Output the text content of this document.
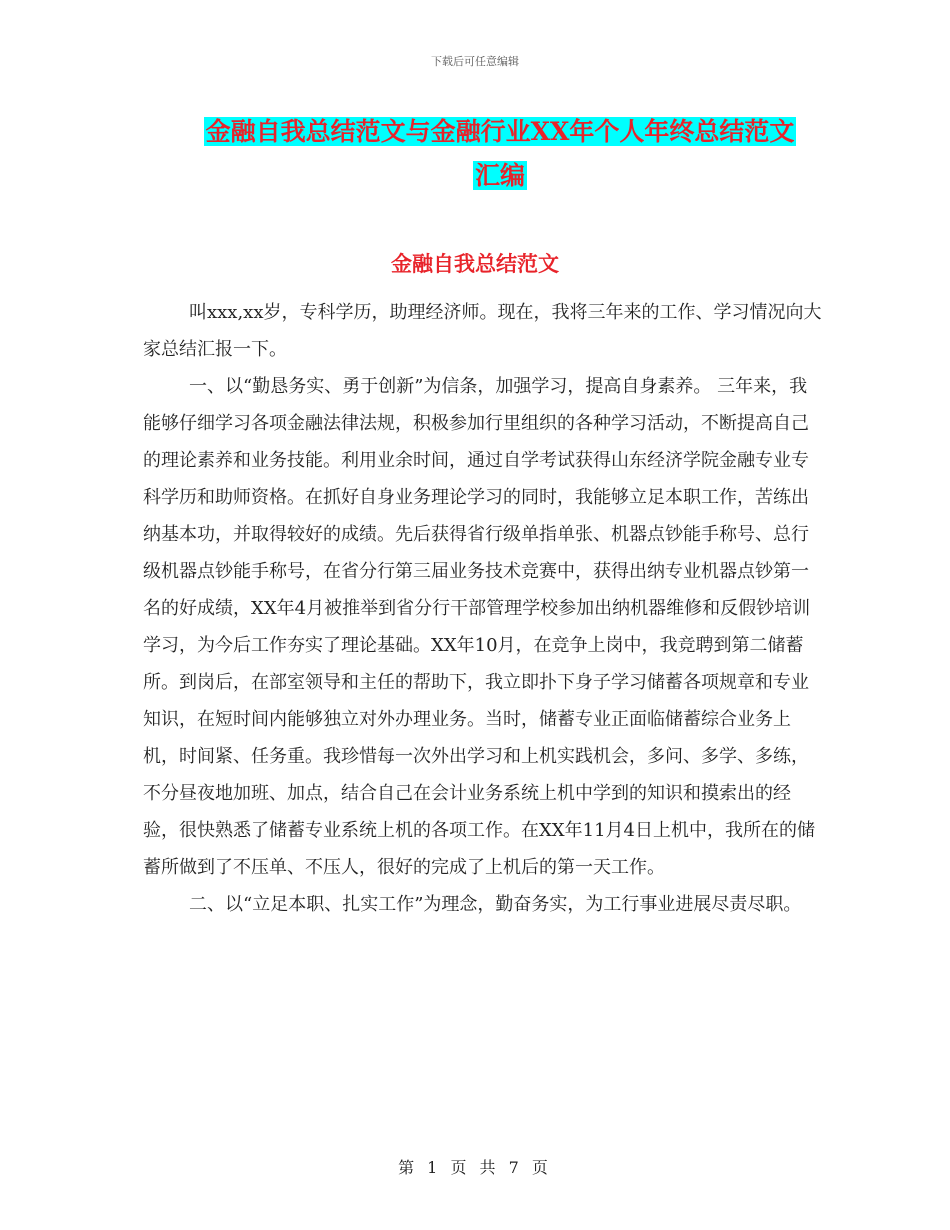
下载后可任意编辑
金融自我总结范文与金融行业XX年个人年终总结范文
汇编
金融自我总结范文

叫xxx,xx岁，专科学历，助理经济师。现在，我将三年来的工作、学习情况向大家总结汇报一下。

一、以“勤恳务实、勇于创新”为信条，加强学习，提高自身素养。 三年来，我能够仔细学习各项金融法律法规，积极参加行里组织的各种学习活动，不断提高自己的理论素养和业务技能。利用业余时间，通过自学考试获得山东经济学院金融专业专科学历和助师资格。在抓好自身业务理论学习的同时，我能够立足本职工作，苦练出纳基本功，并取得较好的成绩。先后获得省行级单指单张、机器点钞能手称号、总行级机器点钞能手称号，在省分行第三届业务技术竞赛中，获得出纳专业机器点钞第一名的好成绩，XX年4月被推举到省分行干部管理学校参加出纳机器维修和反假钞培训学习，为今后工作夯实了理论基础。XX年10月，在竞争上岗中，我竞聘到第二储蓄所。到岗后，在部室领导和主任的帮助下，我立即扑下身子学习储蓄各项规章和专业知识，在短时间内能够独立对外办理业务。当时，储蓄专业正面临储蓄综合业务上机，时间紧、任务重。我珍惜每一次外出学习和上机实践机会，多问、多学、多练，不分昼夜地加班、加点，结合自己在会计业务系统上机中学到的知识和摸索出的经验，很快熟悉了储蓄专业系统上机的各项工作。在XX年11月4日上机中，我所在的储蓄所做到了不压单、不压人，很好的完成了上机后的第一天工作。

二、以“立足本职、扎实工作”为理念，勤奋务实，为工行事业进展尽责尽职。

第 1 页 共 7 页
